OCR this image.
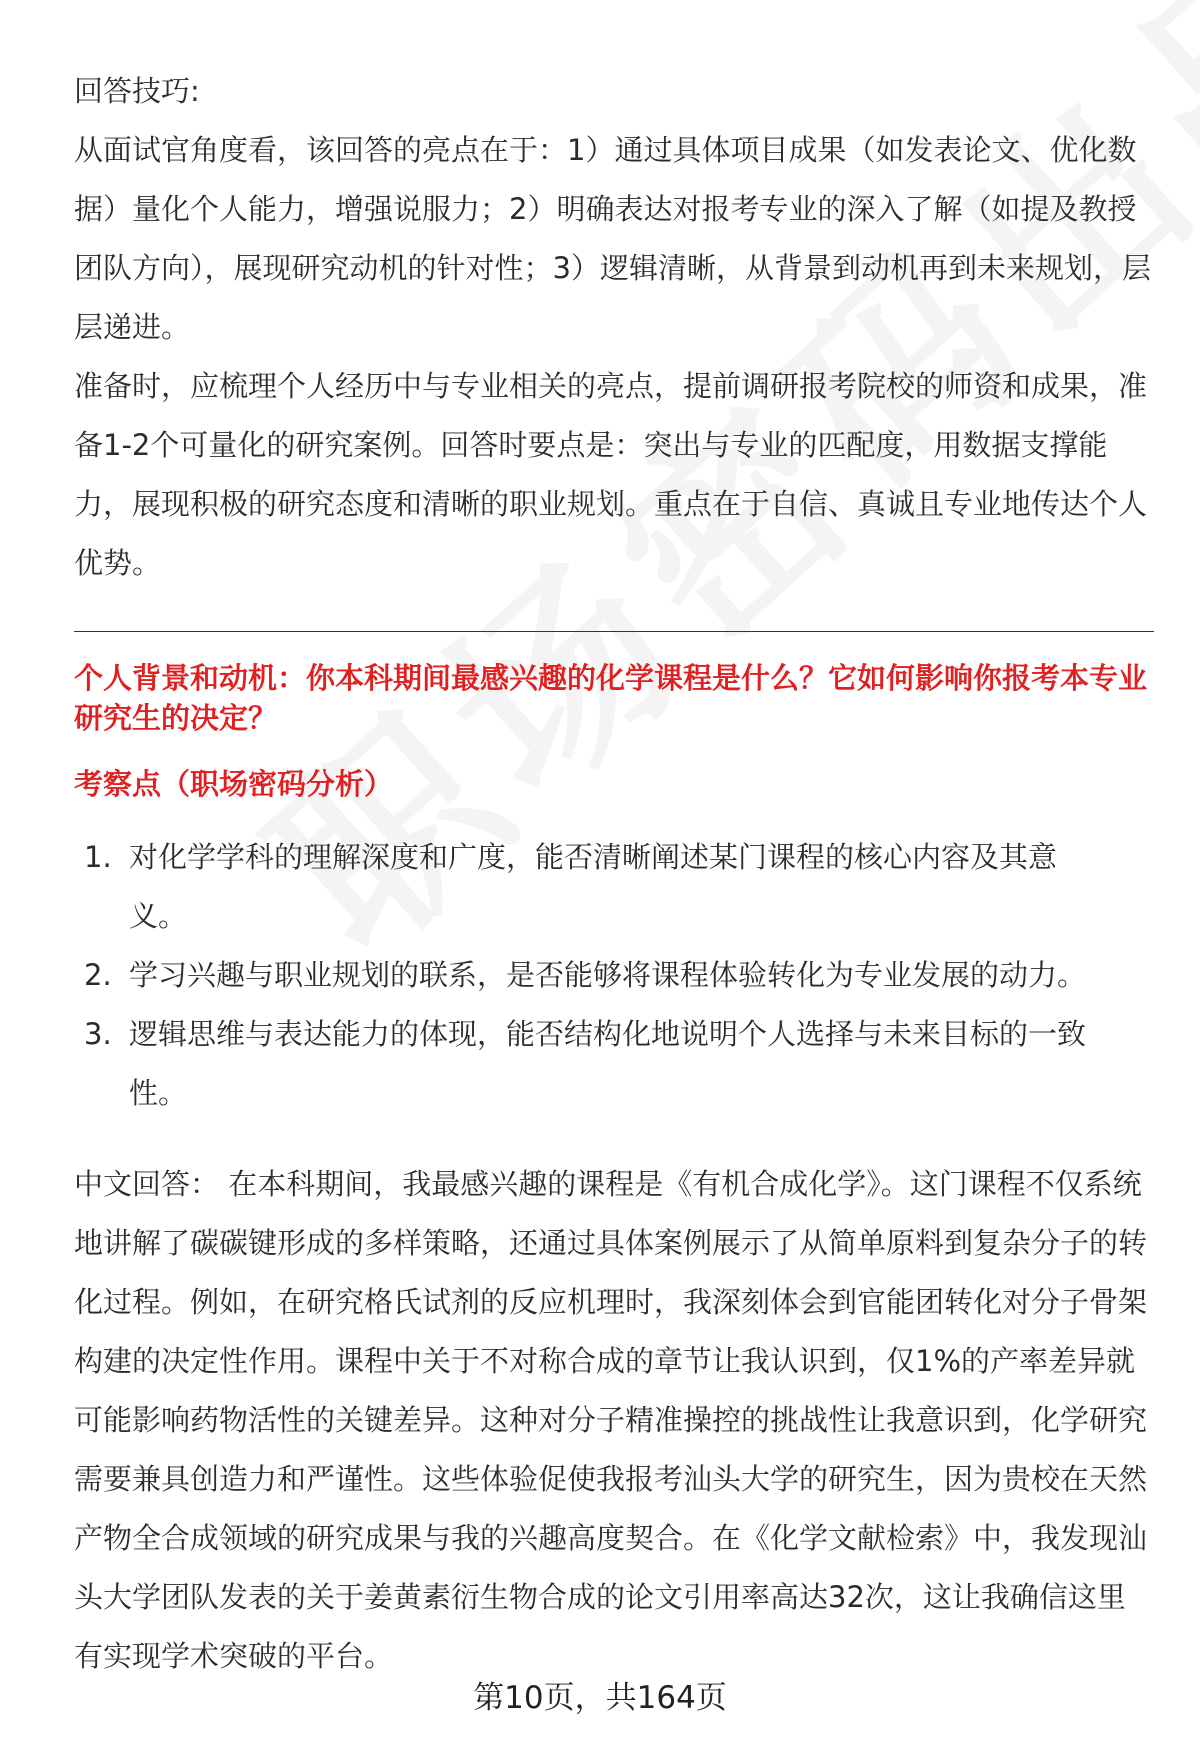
回答技巧:

从面试官角度看，该回答的亮点在于：1）通过具体项目成果（如发表论文、优化数据）量化个人能力，增强说服力；2）明确表达对报考专业的深入了解（如提及教授团队方向），展现研究动机的针对性；3）逻辑清晰，从背景到动机再到未来规划，层层递进。

准备时，应梳理个人经历中与专业相关的亮点，提前调研报考院校的师资和成果，准备1-2个可量化的研究案例。回答时要点是：突出与专业的匹配度，用数据支撑能力，展现积极的研究态度和清晰的职业规划。重点在于自信、真诚且专业地传达个人优势。

个人背景和动机：你本科期间最感兴趣的化学课程是什么？它如何影响你报考本专业研究生的决定？

考察点（职场密码分析）

1. 对化学学科的理解深度和广度，能否清晰阐述某门课程的核心内容及其意义。
2. 学习兴趣与职业规划的联系，是否能够将课程体验转化为专业发展的动力。
3. 逻辑思维与表达能力的体现，能否结构化地说明个人选择与未来目标的一致性。

中文回答： 在本科期间，我最感兴趣的课程是《有机合成化学》。这门课程不仅系统地讲解了碳碳键形成的多样策略，还通过具体案例展示了从简单原料到复杂分子的转化过程。例如，在研究格氏试剂的反应机理时，我深刻体会到官能团转化对分子骨架构建的决定性作用。课程中关于不对称合成的章节让我认识到，仅1%的产率差异就可能影响药物活性的关键差异。这种对分子精准操控的挑战性让我意识到，化学研究需要兼具创造力和严谨性。这些体验促使我报考汕头大学的研究生，因为贵校在天然产物全合成领域的研究成果与我的兴趣高度契合。在《化学文献检索》中，我发现汕头大学团队发表的关于姜黄素衍生物合成的论文引用率高达32次，这让我确信这里有实现学术突破的平台。

第10页，共164页
